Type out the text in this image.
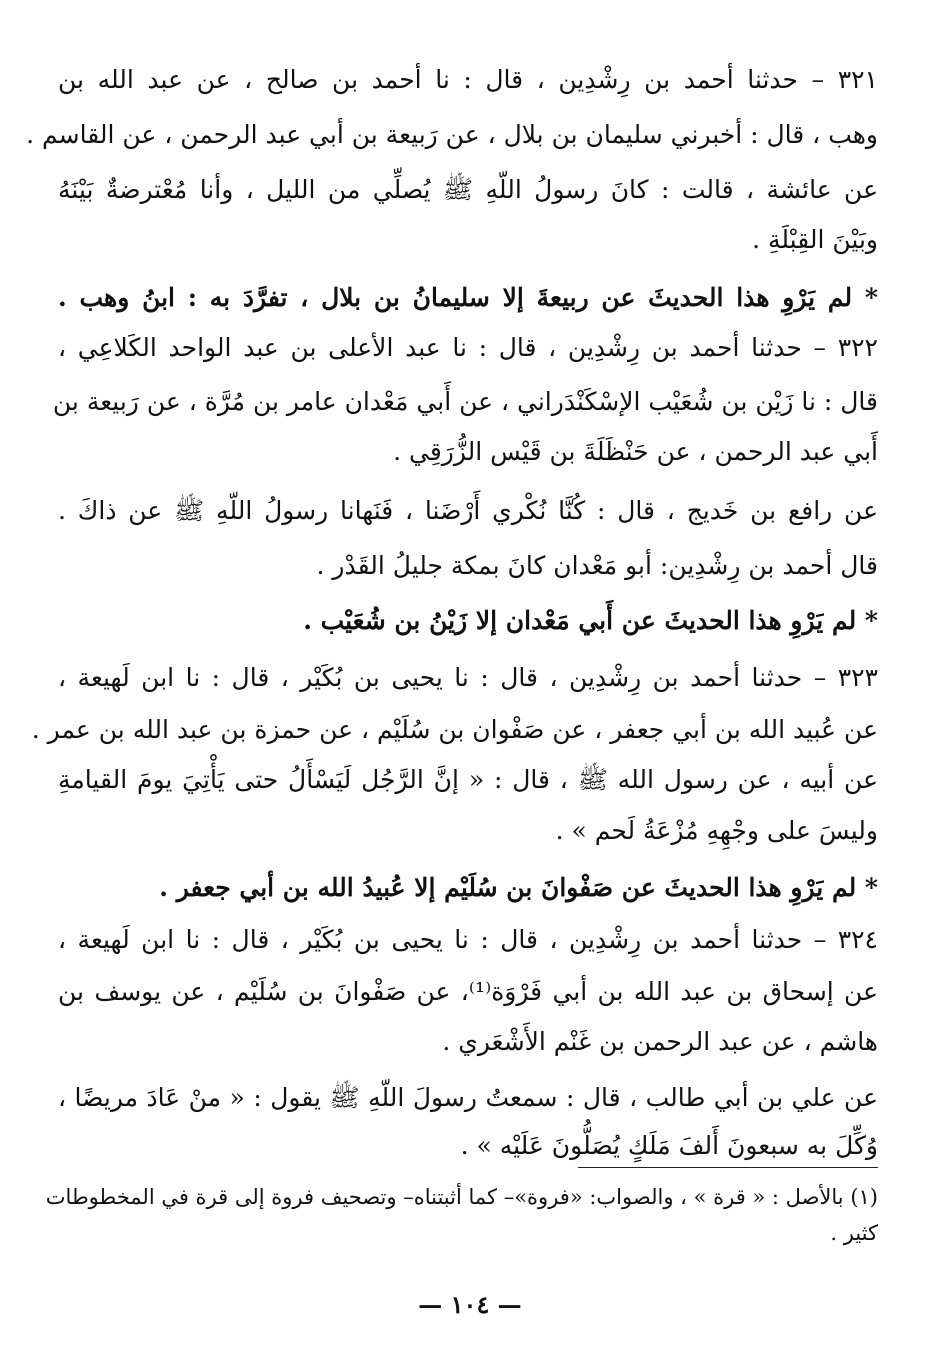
٣٢١ – حدثنا أحمد بن رِشْدِين ، قال : نا أحمد بن صالح ، عن عبد الله بن
وهب ، قال : أخبرني سليمان بن بلال ، عن رَبيعة بن أبي عبد الرحمن ، عن القاسم .
عن عائشة ، قالت : كانَ رسولُ اللّهِ ﷺ يُصلِّي من الليل ، وأنا مُعْترضةٌ بَيْنَهُ
وبَيْنَ القِبْلَةِ .
* لم يَرْوِ هذا الحديثَ عن ربيعةَ إلا سليمانُ بن بلال ، تفرَّدَ به : ابنُ وهب .
٣٢٢ – حدثنا أحمد بن رِشْدِين ، قال : نا عبد الأعلى بن عبد الواحد الكَلاعِي ،
قال : نا زَيْن بن شُعَيْب الإسْكَنْدَراني ، عن أَبي مَعْدان عامر بن مُرَّة ، عن رَبيعة بن
أَبي عبد الرحمن ، عن حَنْظَلَةَ بن قَيْس الزُّرَقِي .
عن رافع بن خَديج ، قال : كُنَّا نُكْري أَرْضَنا ، فَنَهانا رسولُ اللّهِ ﷺ عن ذاكَ .
قال أحمد بن رِشْدِين: أبو مَعْدان كانَ بمكة جليلُ القَدْر .
* لم يَرْوِ هذا الحديثَ عن أَبي مَعْدان إلا زَيْنُ بن شُعَيْب .
٣٢٣ – حدثنا أحمد بن رِشْدِين ، قال : نا يحيى بن بُكَيْر ، قال : نا ابن لَهيعة ،
عن عُبيد الله بن أبي جعفر ، عن صَفْوان بن سُلَيْم ، عن حمزة بن عبد الله بن عمر .
عن أبيه ، عن رسول الله ﷺ ، قال : « إنَّ الرَّجُل لَيَسْأَلُ حتى يَأْتِيَ يومَ القيامةِ
وليسَ على وجْهِهِ مُزْعَةُ لَحم » .
* لم يَرْوِ هذا الحديثَ عن صَفْوانَ بن سُلَيْم إلا عُبيدُ الله بن أبي جعفر .
٣٢٤ – حدثنا أحمد بن رِشْدِين ، قال : نا يحيى بن بُكَيْر ، قال : نا ابن لَهيعة ،
عن إسحاق بن عبد الله بن أبي فَرْوَة⁽¹⁾، عن صَفْوانَ بن سُلَيْم ، عن يوسف بن
هاشم ، عن عبد الرحمن بن غَنْم الأَشْعَري .
عن علي بن أبي طالب ، قال : سمعتُ رسولَ اللّهِ ﷺ يقول : « منْ عَادَ مريضًا ،
وُكِّلَ به سبعونَ أَلفَ مَلَكٍ يُصَلُّونَ عَلَيْه » .
(١) بالأصل : « قرة » ، والصواب: «فروة»– كما أثبتناه– وتصحيف فروة إلى قرة في المخطوطات
كثير .
— ١٠٤ —
